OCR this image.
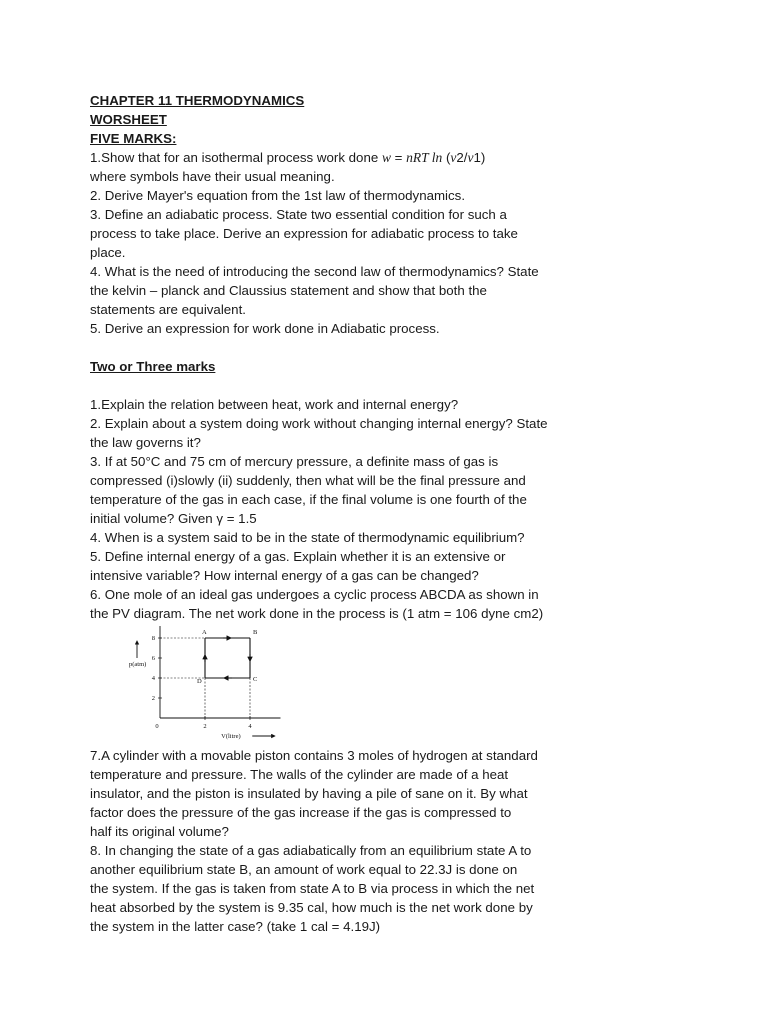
CHAPTER 11 THERMODYNAMICS
WORSHEET
FIVE MARKS:
1.Show that for an isothermal process work done w = nRT ln (v2/v1)
where symbols have their usual meaning.
2. Derive Mayer's equation from the 1st law of thermodynamics.
3. Define an adiabatic process. State two essential condition for such a
process to take place. Derive an expression for adiabatic process to take
place.
4. What is the need of introducing the second law of thermodynamics? State
the kelvin – planck and Claussius statement and show that both the
statements are equivalent.
5. Derive an expression for work done in Adiabatic process.
Two or Three marks
1.Explain the relation between heat, work and internal energy?
2. Explain about a system doing work without changing internal energy? State
the law governs it?
3. If at 50°C and 75 cm of mercury pressure, a definite mass of gas is
compressed (i)slowly (ii) suddenly, then what will be the final pressure and
temperature of the gas in each case, if the final volume is one fourth of the
initial volume? Given γ = 1.5
4. When is a system said to be in the state of thermodynamic equilibrium?
5. Define internal energy of a gas. Explain whether it is an extensive or
intensive variable? How internal energy of a gas can be changed?
6. One mole of an ideal gas undergoes a cyclic process ABCDA as shown in
the PV diagram. The net work done in the process is (1 atm = 106 dyne cm2)
8
6
4
2
0	2	4
p(atm)
V(litre)
A	B
C
D
7.A cylinder with a movable piston contains 3 moles of hydrogen at standard
temperature and pressure. The walls of the cylinder are made of a heat
insulator, and the piston is insulated by having a pile of sane on it. By what
factor does the pressure of the gas increase if the gas is compressed to
half its original volume?
8. In changing the state of a gas adiabatically from an equilibrium state A to
another equilibrium state B, an amount of work equal to 22.3J is done on
the system. If the gas is taken from state A to B via process in which the net
heat absorbed by the system is 9.35 cal, how much is the net work done by
the system in the latter case? (take 1 cal = 4.19J)
